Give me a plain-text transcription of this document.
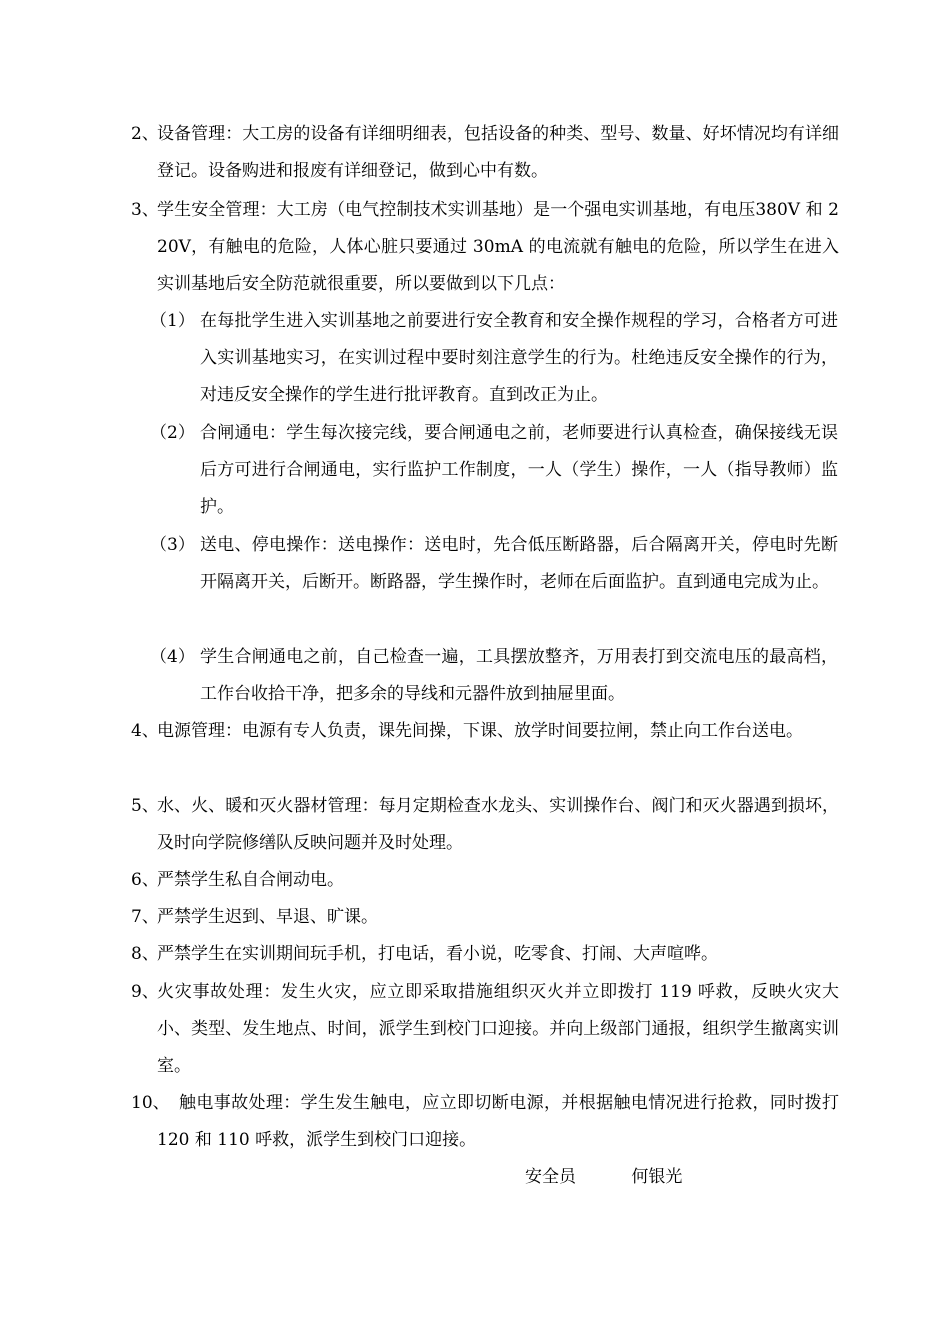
2、
设备管理：大工房的设备有详细明细表，包括设备的种类、型号、数量、好坏情况均有详细登记。设备购进和报废有详细登记，做到心中有数。
3、
学生安全管理：大工房（电气控制技术实训基地）是一个强电实训基地，有电压380V 和 220V，有触电的危险，人体心脏只要通过 30mA 的电流就有触电的危险，所以学生在进入实训基地后安全防范就很重要，所以要做到以下几点：
（1） 在每批学生进入实训基地之前要进行安全教育和安全操作规程的学习，合格者方可进入实训基地实习，在实训过程中要时刻注意学生的行为。杜绝违反安全操作的行为，对违反安全操作的学生进行批评教育。直到改正为止。
（2） 合闸通电：学生每次接完线，要合闸通电之前，老师要进行认真检查，确保接线无误后方可进行合闸通电，实行监护工作制度，一人（学生）操作，一人（指导教师）监护。
（3） 送电、停电操作：送电操作：送电时，先合低压断路器，后合隔离开关，停电时先断开隔离开关，后断开。断路器，学生操作时，老师在后面监护。直到通电完成为止。
（4） 学生合闸通电之前，自己检查一遍，工具摆放整齐，万用表打到交流电压的最高档，工作台收拾干净，把多余的导线和元器件放到抽屉里面。
4、
电源管理：电源有专人负责，课先间操，下课、放学时间要拉闸，禁止向工作台送电。
5、
水、火、暖和灭火器材管理：每月定期检查水龙头、实训操作台、阀门和灭火器遇到损坏，及时向学院修缮队反映问题并及时处理。
6、
严禁学生私自合闸动电。
7、
严禁学生迟到、早退、旷课。
8、
严禁学生在实训期间玩手机，打电话，看小说，吃零食、打闹、大声喧哗。
9、
火灾事故处理：发生火灾，应立即采取措施组织灭火并立即拨打 119 呼救，反映火灾大小、类型、发生地点、时间，派学生到校门口迎接。并向上级部门通报，组织学生撤离实训室。
10、 触电事故处理：学生发生触电，应立即切断电源，并根据触电情况进行抢救，同时拨打 120 和 110 呼救，派学生到校门口迎接。
安全员	何银光
